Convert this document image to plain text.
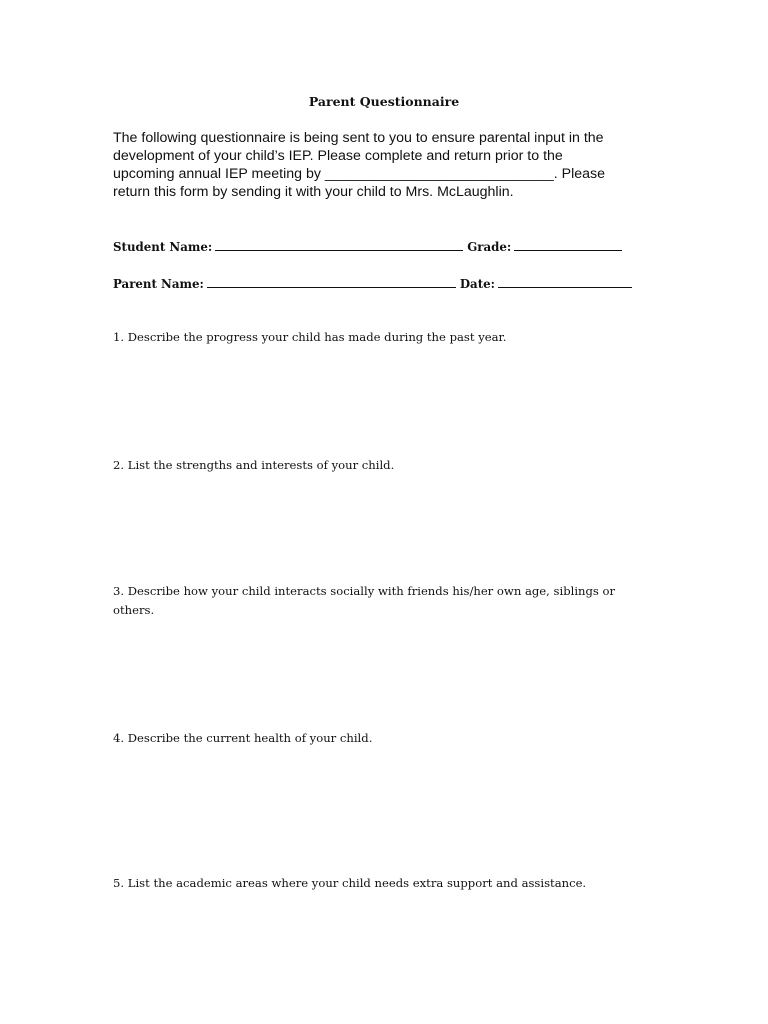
Parent Questionnaire
The following questionnaire is being sent to you to ensure parental input in the
development of your child’s IEP. Please complete and return prior to the
upcoming annual IEP meeting by _____________________________. Please
return this form by sending it with your child to Mrs. McLaughlin.
Student Name:	Grade:
Parent Name:	Date:

1. Describe the progress your child has made during the past year.

2. List the strengths and interests of your child.

3. Describe how your child interacts socially with friends his/her own age, siblings or others.

4. Describe the current health of your child.

5. List the academic areas where your child needs extra support and assistance.
